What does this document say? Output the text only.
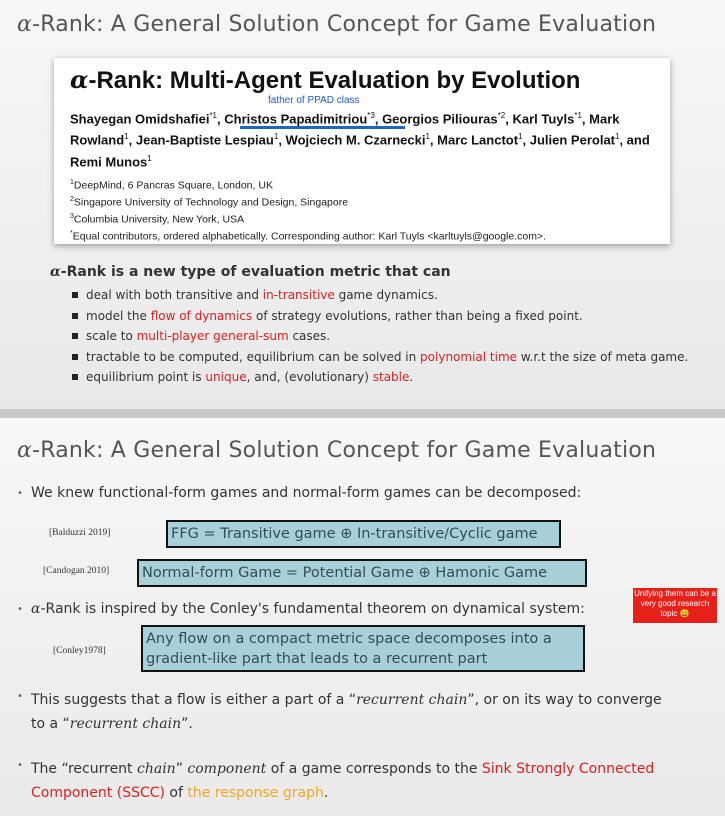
α-Rank: A General Solution Concept for Game Evaluation
α-Rank: Multi-Agent Evaluation by Evolution
father of PPAD class
Shayegan Omidshafiei$^{*1}$, Christos Papadimitriou$^{*3}$, Georgios Piliouras$^{*2}$, Karl Tuyls$^{*1}$, Mark Rowland$^1$, Jean-Baptiste Lespiau$^1$, Wojciech M. Czarnecki$^1$, Marc Lanctot$^1$, Julien Perolat$^1$, and Remi Munos$^1$
$^1$DeepMind, 6 Pancras Square, London, UK
$^2$Singapore University of Technology and Design, Singapore
$^3$Columbia University, New York, USA
*Equal contributors, ordered alphabetically. Corresponding author: Karl Tuyls <karltuyls@google.com>.
α-Rank is a new type of evaluation metric that can
deal with both transitive and in-transitive game dynamics.
model the flow of dynamics of strategy evolutions, rather than being a fixed point.
scale to multi-player general-sum cases.
tractable to be computed, equilibrium can be solved in polynomial time w.r.t the size of meta game.
equilibrium point is unique, and, (evolutionary) stable.
α-Rank: A General Solution Concept for Game Evaluation
• We knew functional-form games and normal-form games can be decomposed:
[Balduzzi 2019]	FFG = Transitive game ⊕ In-transitive/Cyclic game
[Candogan 2010]	Normal-form Game = Potential Game ⊕ Hamonic Game
• α-Rank is inspired by the Conley's fundamental theorem on dynamical system:
[Conley1978]
Any flow on a compact metric space decomposes into a
gradient-like part that leads to a recurrent part
• This suggests that a flow is either a part of a “recurrent chain”, or on its way to converge
to a “recurrent chain”.
• The “recurrent chain” component of a game corresponds to the Sink Strongly Connected
Component (SSCC) of the response graph.
Unifying them can be a very good research topic 😀
